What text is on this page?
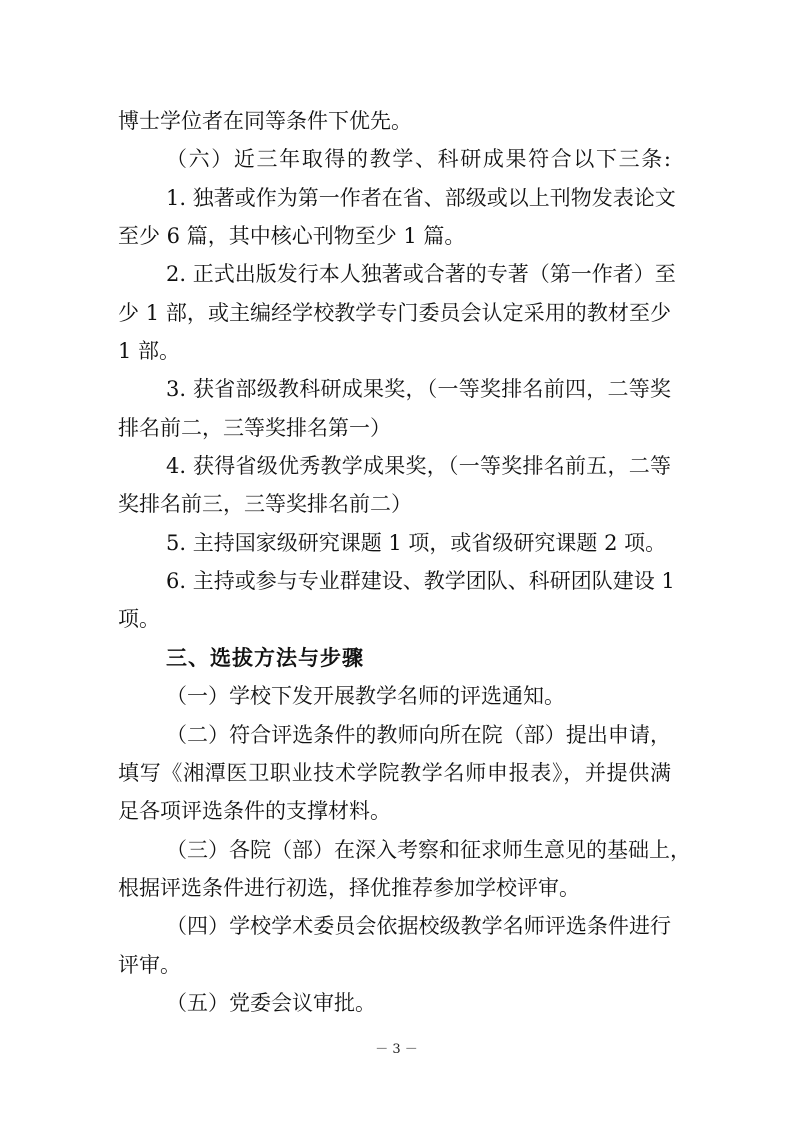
博士学位者在同等条件下优先。
（六）近三年取得的教学、科研成果符合以下三条:
1. 独著或作为第一作者在省、部级或以上刊物发表论文
至少 6 篇，其中核心刊物至少 1 篇。
2. 正式出版发行本人独著或合著的专著（第一作者）至
少 1 部，或主编经学校教学专门委员会认定采用的教材至少
1 部。
3. 获省部级教科研成果奖，（一等奖排名前四，二等奖
排名前二，三等奖排名第一）
4. 获得省级优秀教学成果奖，（一等奖排名前五，二等
奖排名前三，三等奖排名前二）
5. 主持国家级研究课题 1 项，或省级研究课题 2 项。
6. 主持或参与专业群建设、教学团队、科研团队建设 1
项。
三、选拔方法与步骤
（一）学校下发开展教学名师的评选通知。
（二）符合评选条件的教师向所在院（部）提出申请，
填写《湘潭医卫职业技术学院教学名师申报表》，并提供满
足各项评选条件的支撑材料。
（三）各院（部）在深入考察和征求师生意见的基础上，
根据评选条件进行初选，择优推荐参加学校评审。
（四）学校学术委员会依据校级教学名师评选条件进行
评审。
（五）党委会议审批。
－ 3 －
